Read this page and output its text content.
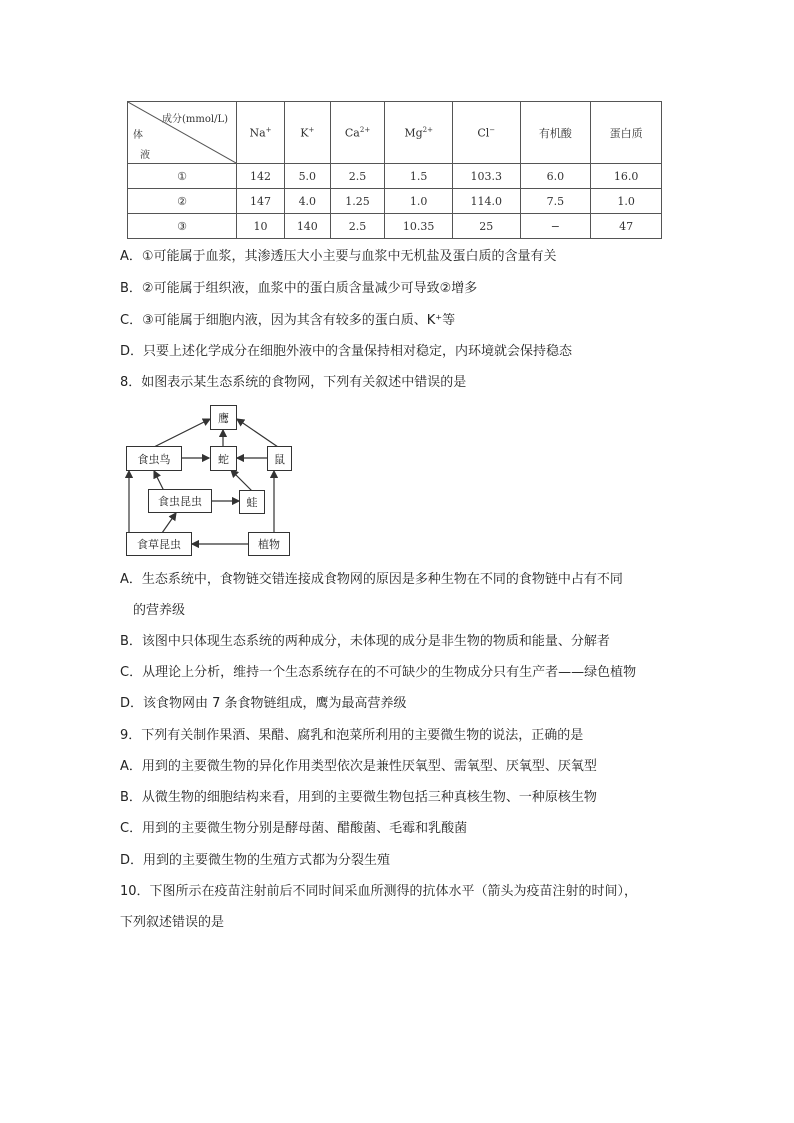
成分(mmol/L)
体
液	Na+	K+	$Ca^{2+}$	$Mg^{2+}$	Cl−	有机酸	蛋白质
①	142	5.0	2.5	1.5	103.3	6.0	16.0
②	147	4.0	1.25	1.0	114.0	7.5	1.0
③	10	140	2.5	10.35	25	−	47
A．①可能属于血浆，其渗透压大小主要与血浆中无机盐及蛋白质的含量有关
B．②可能属于组织液，血浆中的蛋白质含量减少可导致②增多
C．③可能属于细胞内液，因为其含有较多的蛋白质、K⁺等
D．只要上述化学成分在细胞外液中的含量保持相对稳定，内环境就会保持稳态
8．如图表示某生态系统的食物网，下列有关叙述中错误的是
鹰
食虫鸟	蛇	鼠
食虫昆虫	蛙
食草昆虫	植物
A．生态系统中，食物链交错连接成食物网的原因是多种生物在不同的食物链中占有不同
的营养级
B．该图中只体现生态系统的两种成分，未体现的成分是非生物的物质和能量、分解者
C．从理论上分析，维持一个生态系统存在的不可缺少的生物成分只有生产者——绿色植物
D．该食物网由 7 条食物链组成，鹰为最高营养级
9．下列有关制作果酒、果醋、腐乳和泡菜所利用的主要微生物的说法，正确的是
A．用到的主要微生物的异化作用类型依次是兼性厌氧型、需氧型、厌氧型、厌氧型
B．从微生物的细胞结构来看，用到的主要微生物包括三种真核生物、一种原核生物
C．用到的主要微生物分别是酵母菌、醋酸菌、毛霉和乳酸菌
D．用到的主要微生物的生殖方式都为分裂生殖
10．下图所示在疫苗注射前后不同时间采血所测得的抗体水平（箭头为疫苗注射的时间），
下列叙述错误的是
